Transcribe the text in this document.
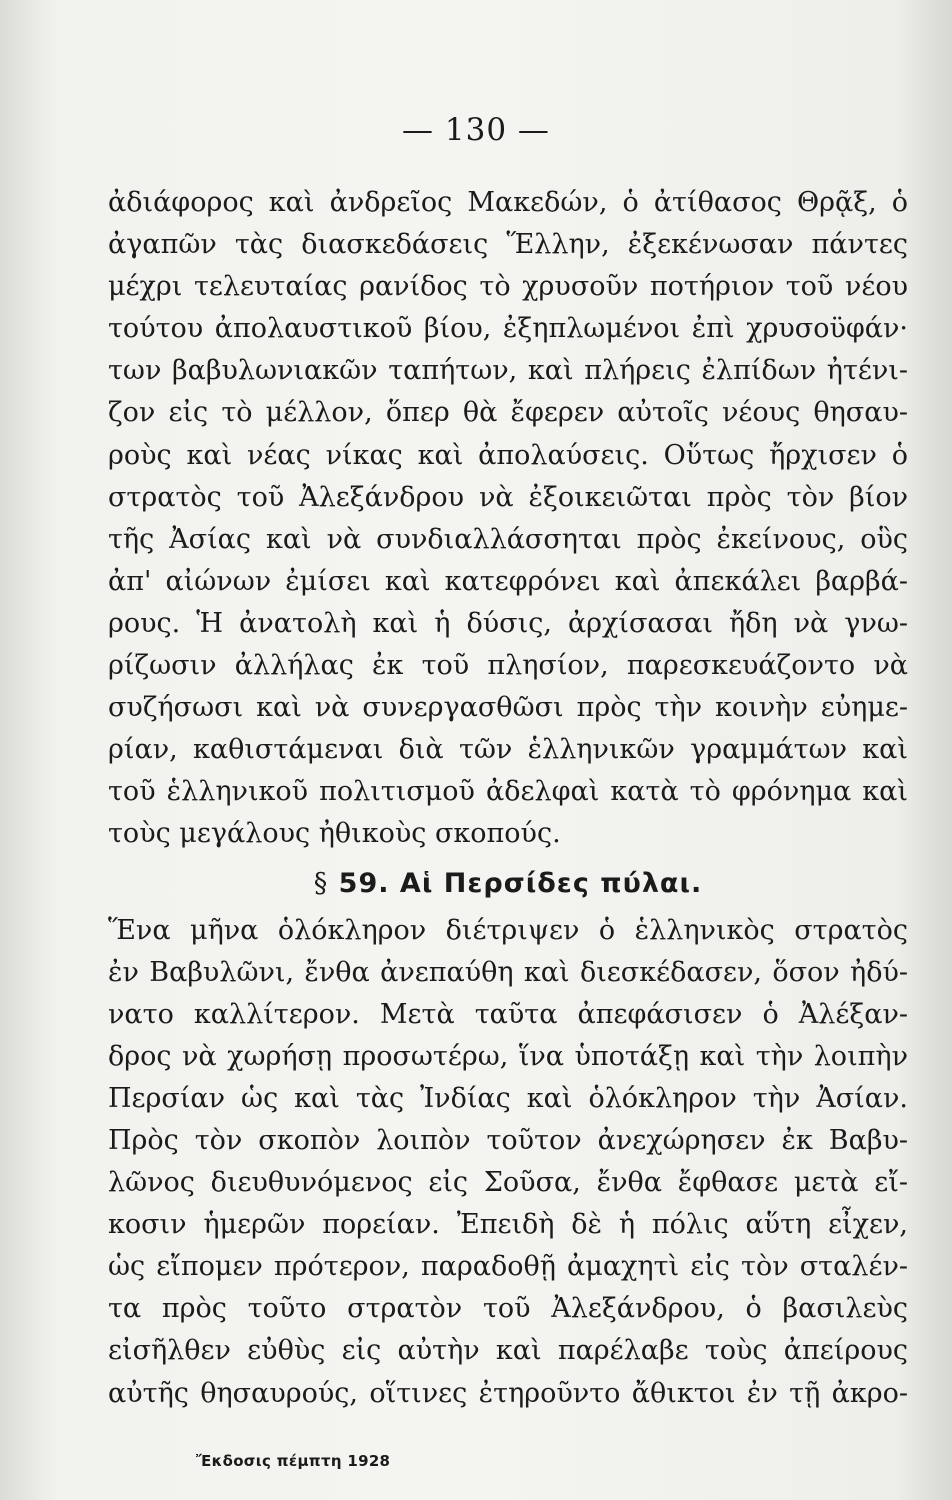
— 130 —
ἀδιάφορος καὶ ἀνδρεῖος Μακεδών, ὁ ἀτίθασος Θρᾷξ, ὁ
ἀγαπῶν τὰς διασκεδάσεις Ἕλλην, ἐξεκένωσαν πάντες
μέχρι τελευταίας ρανίδος τὸ χρυσοῦν ποτήριον τοῦ νέου
τούτου ἀπολαυστικοῦ βίου, ἐξηπλωμένοι ἐπὶ χρυσοϋφάν·
των βαβυλωνιακῶν ταπήτων, καὶ πλήρεις ἐλπίδων ἠτένι-
ζον εἰς τὸ μέλλον, ὅπερ θὰ ἔφερεν αὐτοῖς νέους θησαυ-
ροὺς καὶ νέας νίκας καὶ ἀπολαύσεις. Οὕτως ἤρχισεν ὁ
στρατὸς τοῦ Ἀλεξάνδρου νὰ ἐξοικειῶται πρὸς τὸν βίον
τῆς Ἀσίας καὶ νὰ συνδιαλλάσσηται πρὸς ἐκείνους, οὓς
ἀπ' αἰώνων ἐμίσει καὶ κατεφρόνει καὶ ἀπεκάλει βαρβά-
ρους. Ἡ ἀνατολὴ καὶ ἡ δύσις, ἀρχίσασαι ἤδη νὰ γνω-
ρίζωσιν ἀλλήλας ἐκ τοῦ πλησίον, παρεσκευάζοντο νὰ
συζήσωσι καὶ νὰ συνεργασθῶσι πρὸς τὴν κοινὴν εὐημε-
ρίαν, καθιστάμεναι διὰ τῶν ἑλληνικῶν γραμμάτων καὶ
τοῦ ἑλληνικοῦ πολιτισμοῦ ἀδελφαὶ κατὰ τὸ φρόνημα καὶ
τοὺς μεγάλους ἠθικοὺς σκοπούς.
§ 59. Αἱ Περσίδες πύλαι.
Ἕνα μῆνα ὁλόκληρον διέτριψεν ὁ ἑλληνικὸς στρατὸς
ἐν Βαβυλῶνι, ἔνθα ἀνεπαύθη καὶ διεσκέδασεν, ὅσον ἠδύ-
νατο καλλίτερον. Μετὰ ταῦτα ἀπεφάσισεν ὁ Ἀλέξαν-
δρος νὰ χωρήσῃ προσωτέρω, ἵνα ὑποτάξῃ καὶ τὴν λοιπὴν
Περσίαν ὡς καὶ τὰς Ἰνδίας καὶ ὁλόκληρον τὴν Ἀσίαν.
Πρὸς τὸν σκοπὸν λοιπὸν τοῦτον ἀνεχώρησεν ἐκ Βαβυ-
λῶνος διευθυνόμενος εἰς Σοῦσα, ἔνθα ἔφθασε μετὰ εἴ-
κοσιν ἡμερῶν πορείαν. Ἐπειδὴ δὲ ἡ πόλις αὕτη εἶχεν,
ὡς εἴπομεν πρότερον, παραδοθῇ ἀμαχητὶ εἰς τὸν σταλέν-
τα πρὸς τοῦτο στρατὸν τοῦ Ἀλεξάνδρου, ὁ βασιλεὺς
εἰσῆλθεν εὐθὺς εἰς αὐτὴν καὶ παρέλαβε τοὺς ἀπείρους
αὐτῆς θησαυρούς, οἵτινες ἐτηροῦντο ἄθικτοι ἐν τῇ ἀκρο-
Ἔκδοσις πέμπτη 1928
